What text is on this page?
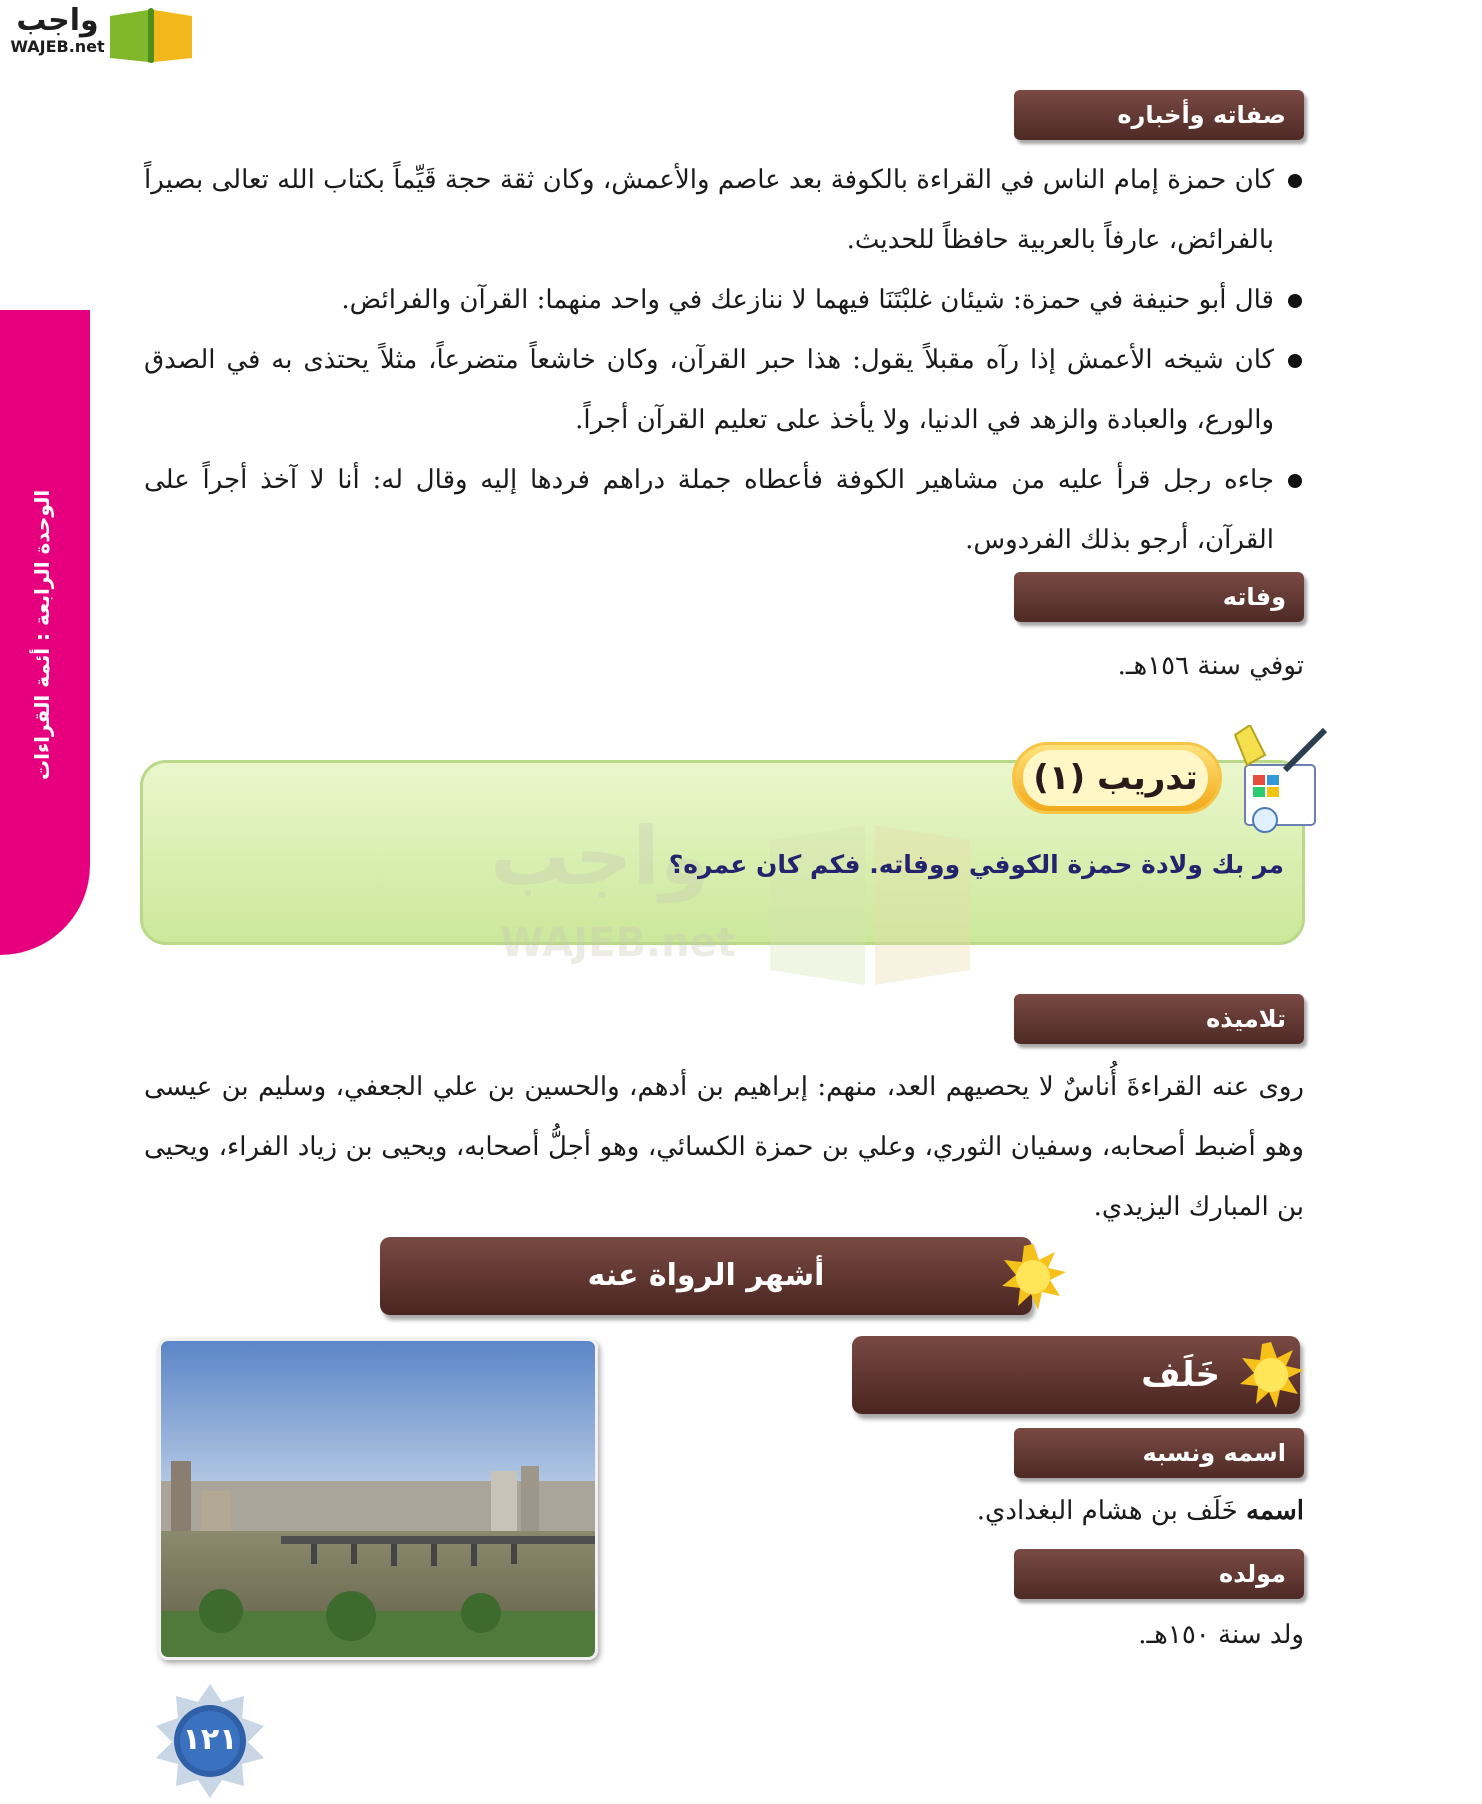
واجب
WAJEB.net
الوحدة الرابعة : أئمة القراءات
صفاته وأخباره
كان حمزة إمام الناس في القراءة بالكوفة بعد عاصم والأعمش، وكان ثقة حجة قَيِّماً بكتاب الله تعالى بصيراً بالفرائض، عارفاً بالعربية حافظاً للحديث.
قال أبو حنيفة في حمزة: شيئان غلبْتَنَا فيهما لا ننازعك في واحد منهما: القرآن والفرائض.
كان شيخه الأعمش إذا رآه مقبلاً يقول: هذا حبر القرآن، وكان خاشعاً متضرعاً، مثلاً يحتذى به في الصدق والورع، والعبادة والزهد في الدنيا، ولا يأخذ على تعليم القرآن أجراً.
جاءه رجل قرأ عليه من مشاهير الكوفة فأعطاه جملة دراهم فردها إليه وقال له: أنا لا آخذ أجراً على القرآن، أرجو بذلك الفردوس.
وفاته
توفي سنة ١٥٦هـ.
واجب
WAJEB.net
تدريب (١)
مر بك ولادة حمزة الكوفي ووفاته. فكم كان عمره؟
تلاميذه
روى عنه القراءةَ أُناسٌ لا يحصيهم العد، منهم: إبراهيم بن أدهم، والحسين بن علي الجعفي، وسليم بن عيسى وهو أضبط أصحابه، وسفيان الثوري، وعلي بن حمزة الكسائي، وهو أجلُّ أصحابه، ويحيى بن زياد الفراء، ويحيى بن المبارك اليزيدي.
أشهر الرواة عنه
خَلَف
اسمه ونسبه
اسمه خَلَف بن هشام البغدادي.
مولده
ولد سنة ١٥٠هـ.
١٢١
